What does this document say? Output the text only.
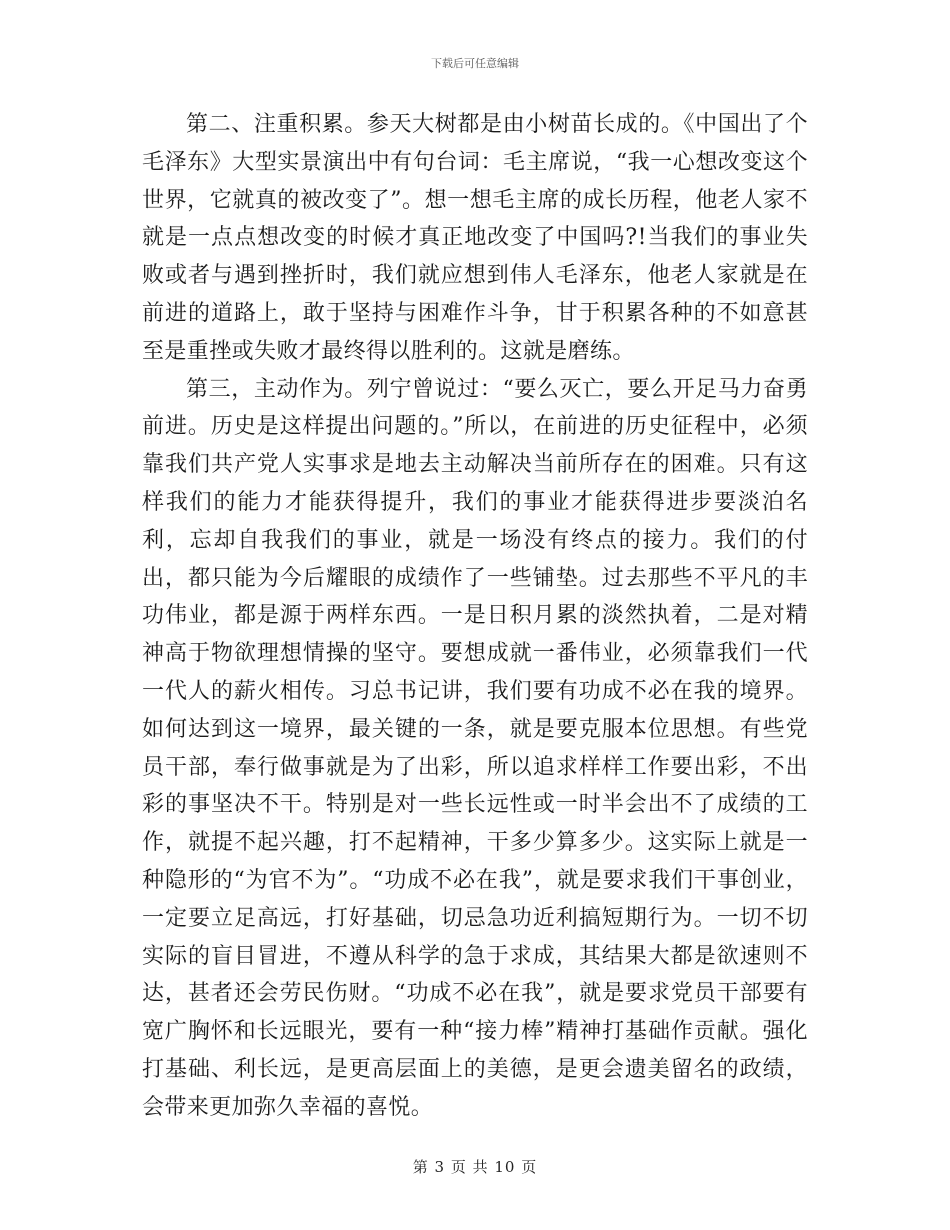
下载后可任意编辑

第二、注重积累。参天大树都是由小树苗长成的。《中国出了个毛泽东》大型实景演出中有句台词：毛主席说，“我一心想改变这个世界，它就真的被改变了”。想一想毛主席的成长历程，他老人家不就是一点点想改变的时候才真正地改变了中国吗?!当我们的事业失败或者与遇到挫折时，我们就应想到伟人毛泽东，他老人家就是在前进的道路上，敢于坚持与困难作斗争，甘于积累各种的不如意甚至是重挫或失败才最终得以胜利的。这就是磨练。

第三，主动作为。列宁曾说过：“要么灭亡，要么开足马力奋勇前进。历史是这样提出问题的。”所以，在前进的历史征程中，必须靠我们共产党人实事求是地去主动解决当前所存在的困难。只有这样我们的能力才能获得提升，我们的事业才能获得进步要淡泊名利，忘却自我我们的事业，就是一场没有终点的接力。我们的付出，都只能为今后耀眼的成绩作了一些铺垫。过去那些不平凡的丰功伟业，都是源于两样东西。一是日积月累的淡然执着，二是对精神高于物欲理想情操的坚守。要想成就一番伟业，必须靠我们一代一代人的薪火相传。习总书记讲，我们要有功成不必在我的境界。如何达到这一境界，最关键的一条，就是要克服本位思想。有些党员干部，奉行做事就是为了出彩，所以追求样样工作要出彩，不出彩的事坚决不干。特别是对一些长远性或一时半会出不了成绩的工作，就提不起兴趣，打不起精神，干多少算多少。这实际上就是一种隐形的“为官不为”。“功成不必在我”，就是要求我们干事创业，一定要立足高远，打好基础，切忌急功近利搞短期行为。一切不切实际的盲目冒进，不遵从科学的急于求成，其结果大都是欲速则不达，甚者还会劳民伤财。“功成不必在我”，就是要求党员干部要有宽广胸怀和长远眼光，要有一种“接力棒”精神打基础作贡献。强化打基础、利长远，是更高层面上的美德，是更会遗美留名的政绩，会带来更加弥久幸福的喜悦。

第 3 页 共 10 页
